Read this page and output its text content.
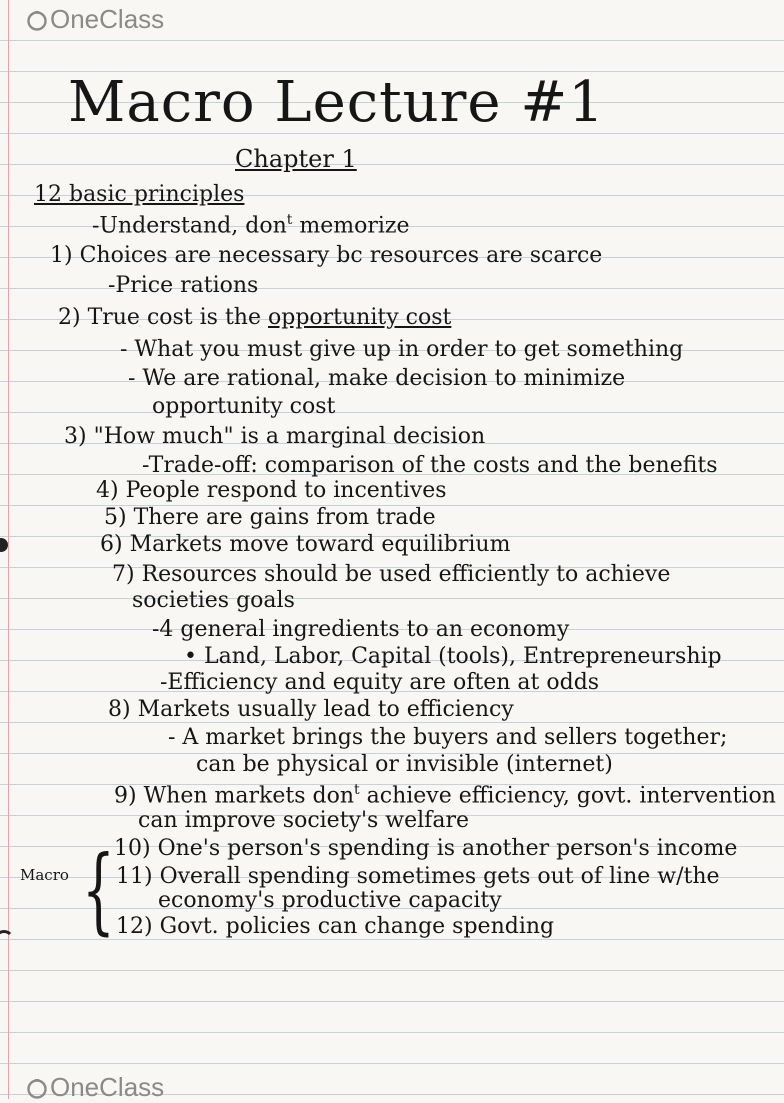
OneClass
Macro Lecture #1
Chapter 1
12 basic principles
-Understand, don$^t$ memorize
1) Choices are necessary bc resources are scarce
-Price rations
2) True cost is the opportunity cost
- What you must give up in order to get something
- We are rational, make decision to minimize
opportunity cost
3) "How much" is a marginal decision
-Trade-off: comparison of the costs and the benefits
4) People respond to incentives
5) There are gains from trade
6) Markets move toward equilibrium
7) Resources should be used efficiently to achieve
societies goals
-4 general ingredients to an economy
• Land, Labor, Capital (tools), Entrepreneurship
-Efficiency and equity are often at odds
8) Markets usually lead to efficiency
- A market brings the buyers and sellers together;
can be physical or invisible (internet)
9) When markets don$^t$ achieve efficiency, govt. intervention
can improve society's welfare
10) One's person's spending is another person's income
11) Overall spending sometimes gets out of line w/the
economy's productive capacity
12) Govt. policies can change spending
{
Macro
OneClass
